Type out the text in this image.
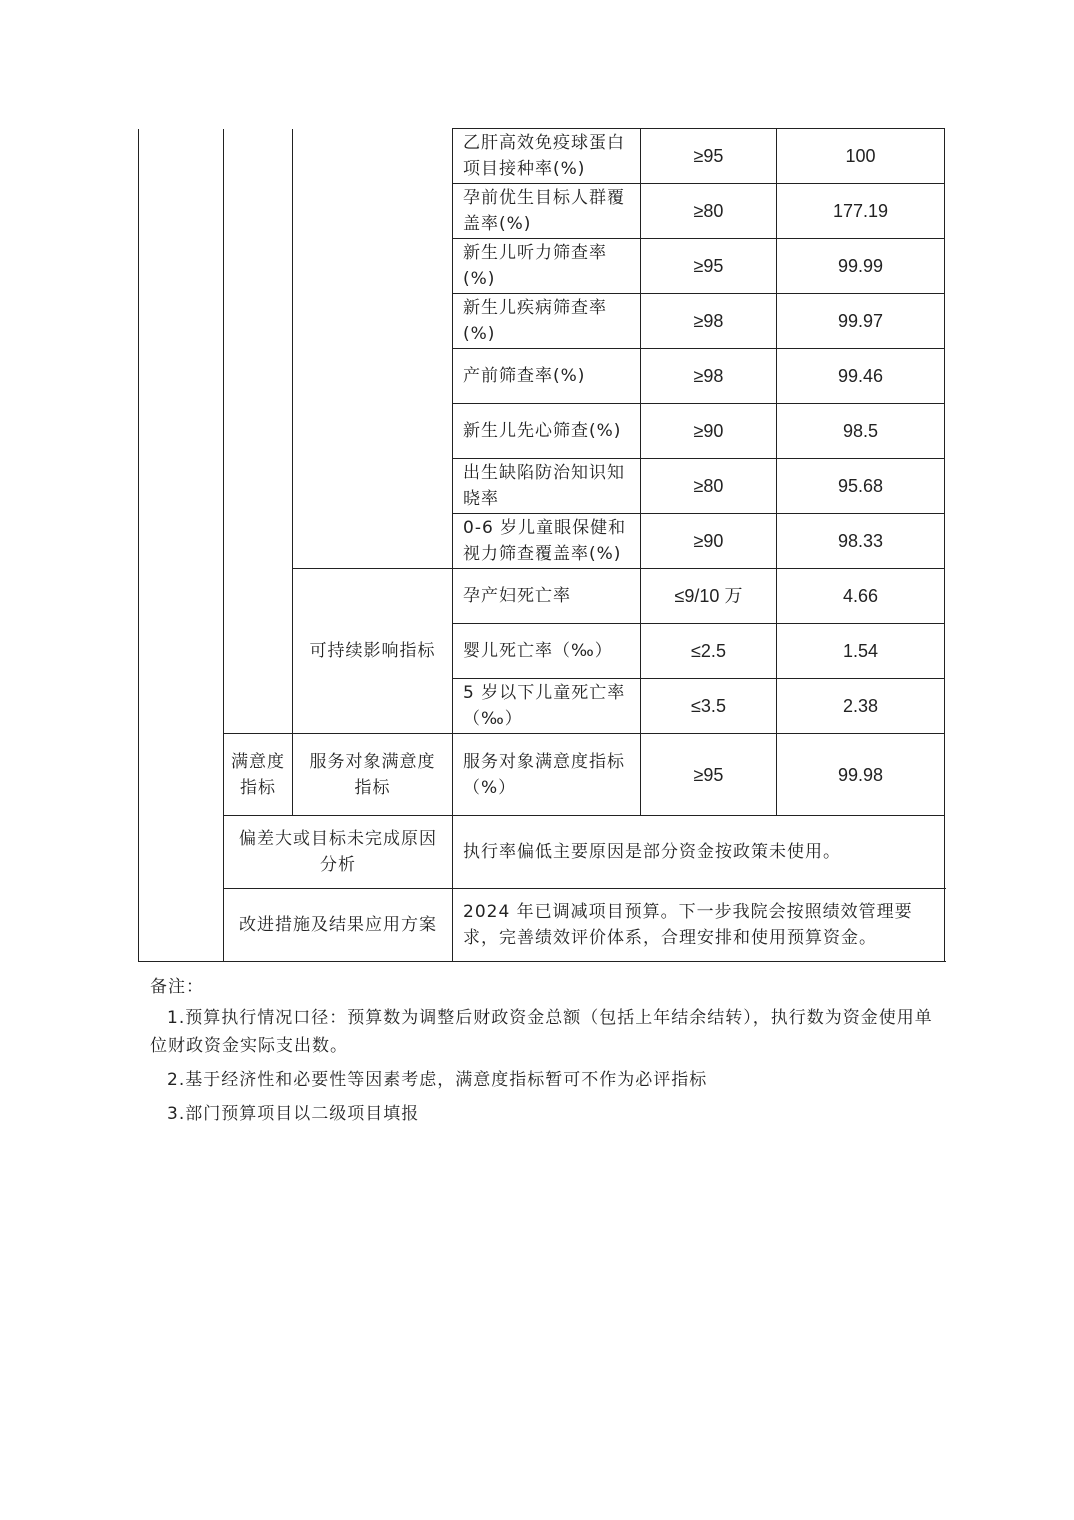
			乙肝高效免疫球蛋白项目接种率(%)	≥95	100
			孕前优生目标人群覆盖率(%)	≥80	177.19
			新生儿听力筛查率(%)	≥95	99.99
			新生儿疾病筛查率(%)	≥98	99.97
			产前筛查率(%)	≥98	99.46
			新生儿先心筛查(%)	≥90	98.5
			出生缺陷防治知识知晓率	≥80	95.68
			0-6 岁儿童眼保健和视力筛查覆盖率(%)	≥90	98.33
		可持续影响指标	孕产妇死亡率	≤9/10 万	4.66
			婴儿死亡率（‰）	≤2.5	1.54
			5 岁以下儿童死亡率（‰）	≤3.5	2.38
	满意度指标	服务对象满意度指标	服务对象满意度指标（%）	≥95	99.98
	偏差大或目标未完成原因分析		执行率偏低主要原因是部分资金按政策未使用。		
	改进措施及结果应用方案		2024 年已调减项目预算。下一步我院会按照绩效管理要求，完善绩效评价体系，合理安排和使用预算资金。		
备注：

1.预算执行情况口径：预算数为调整后财政资金总额（包括上年结余结转），执行数为资金使用单位财政资金实际支出数。

2.基于经济性和必要性等因素考虑，满意度指标暂可不作为必评指标

3.部门预算项目以二级项目填报
